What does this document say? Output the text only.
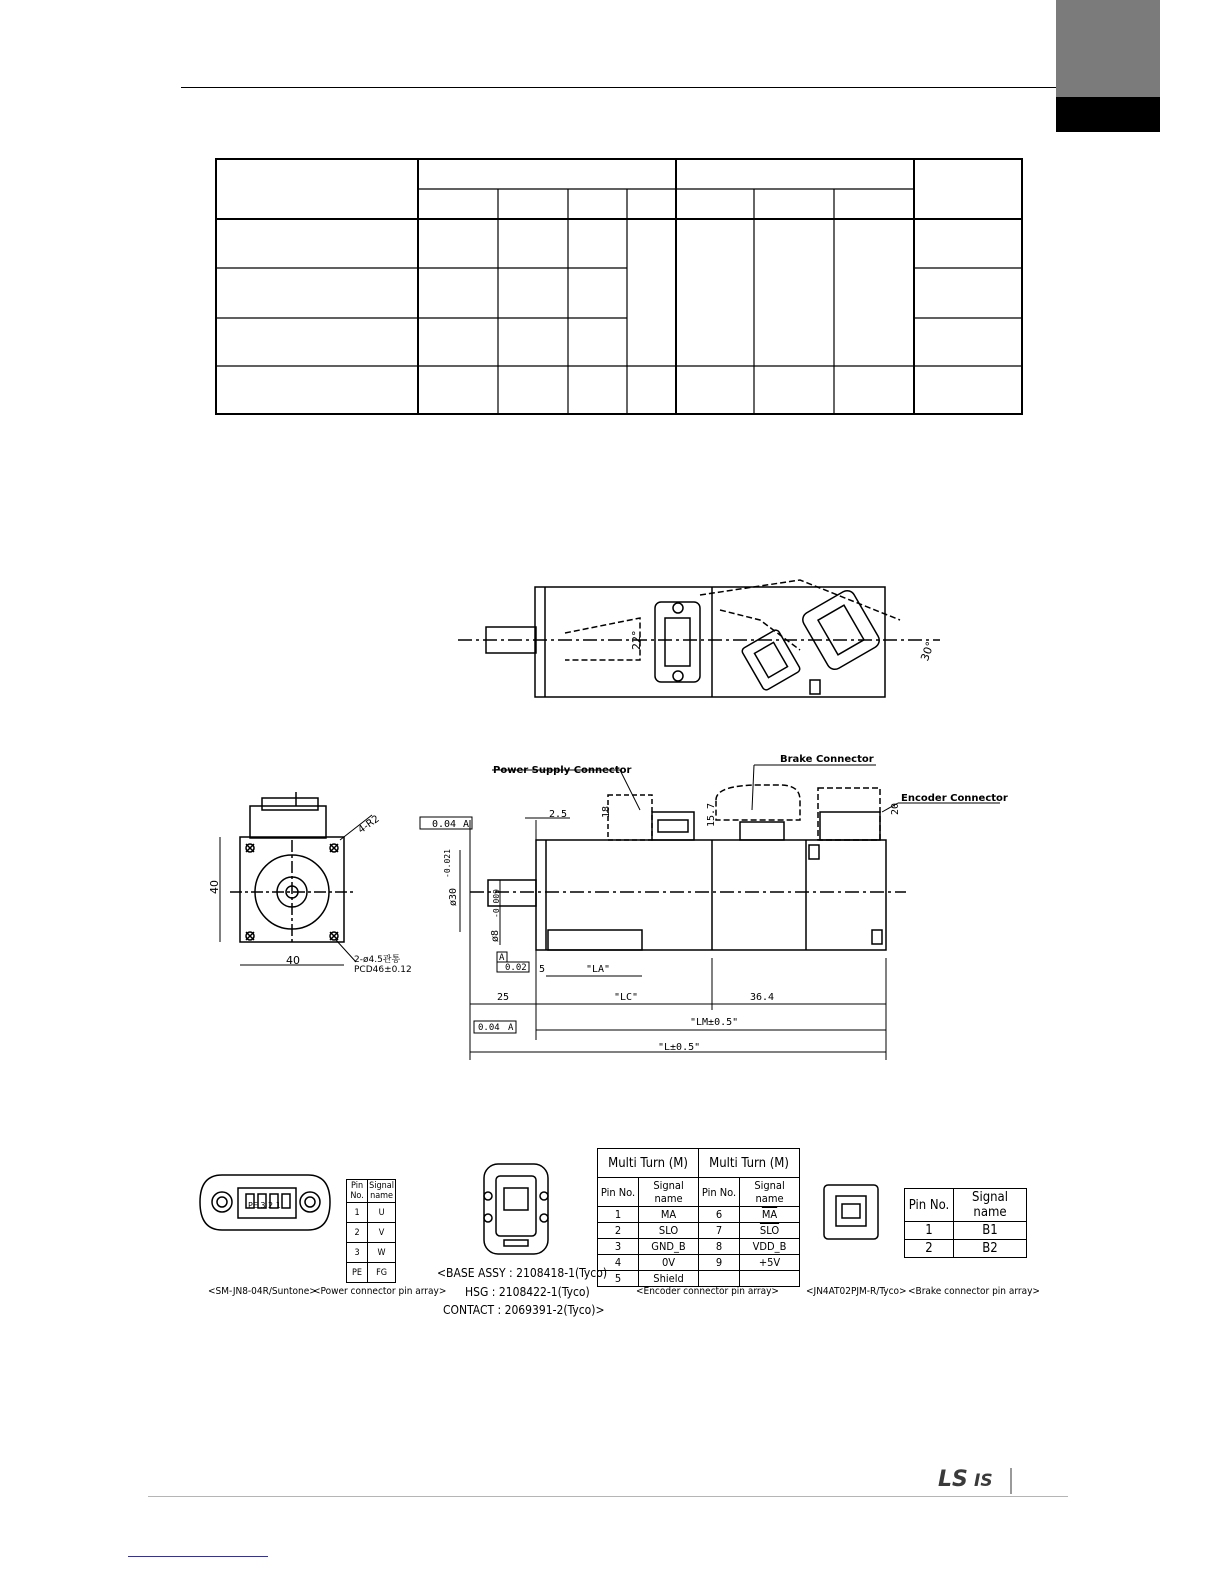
22°	30°
40
40
4-R2
2-ø4.5관통
PCD46±0.12
Power Supply Connector
Brake Connector
Encoder Connector
0.04 A
2.5	18	15.7	20
ø30
-0.021
ø8
-0.009
A
0.02 5	"LA"
25	"LC"	36.4
0.04 A	"LM±0.5"
"L±0.5"
PE 3 2 1
Pin No.	Signal name
1	U
2	V
3	W
PE	FG
Multi Turn (M)		Multi Turn (M)	
Pin No.	Signal name	Pin No.	Signal name
1	MA	6	$\overline{MA}$
2	SLO	7	$\overline{SLO}$
3	GND_B	8	VDD_B
4	0V	9	+5V
5	Shield		
Pin No.	Signal name
1	B1
2	B2
<SM-JN8-04R/Suntone>
<Power connector pin array>
<BASE ASSY : 2108418-1(Tyco)
HSG : 2108422-1(Tyco)
CONTACT : 2069391-2(Tyco)>
<Encoder connector pin array>	<JN4AT02PJM-R/Tyco> <Brake connector pin array>
LS IS
